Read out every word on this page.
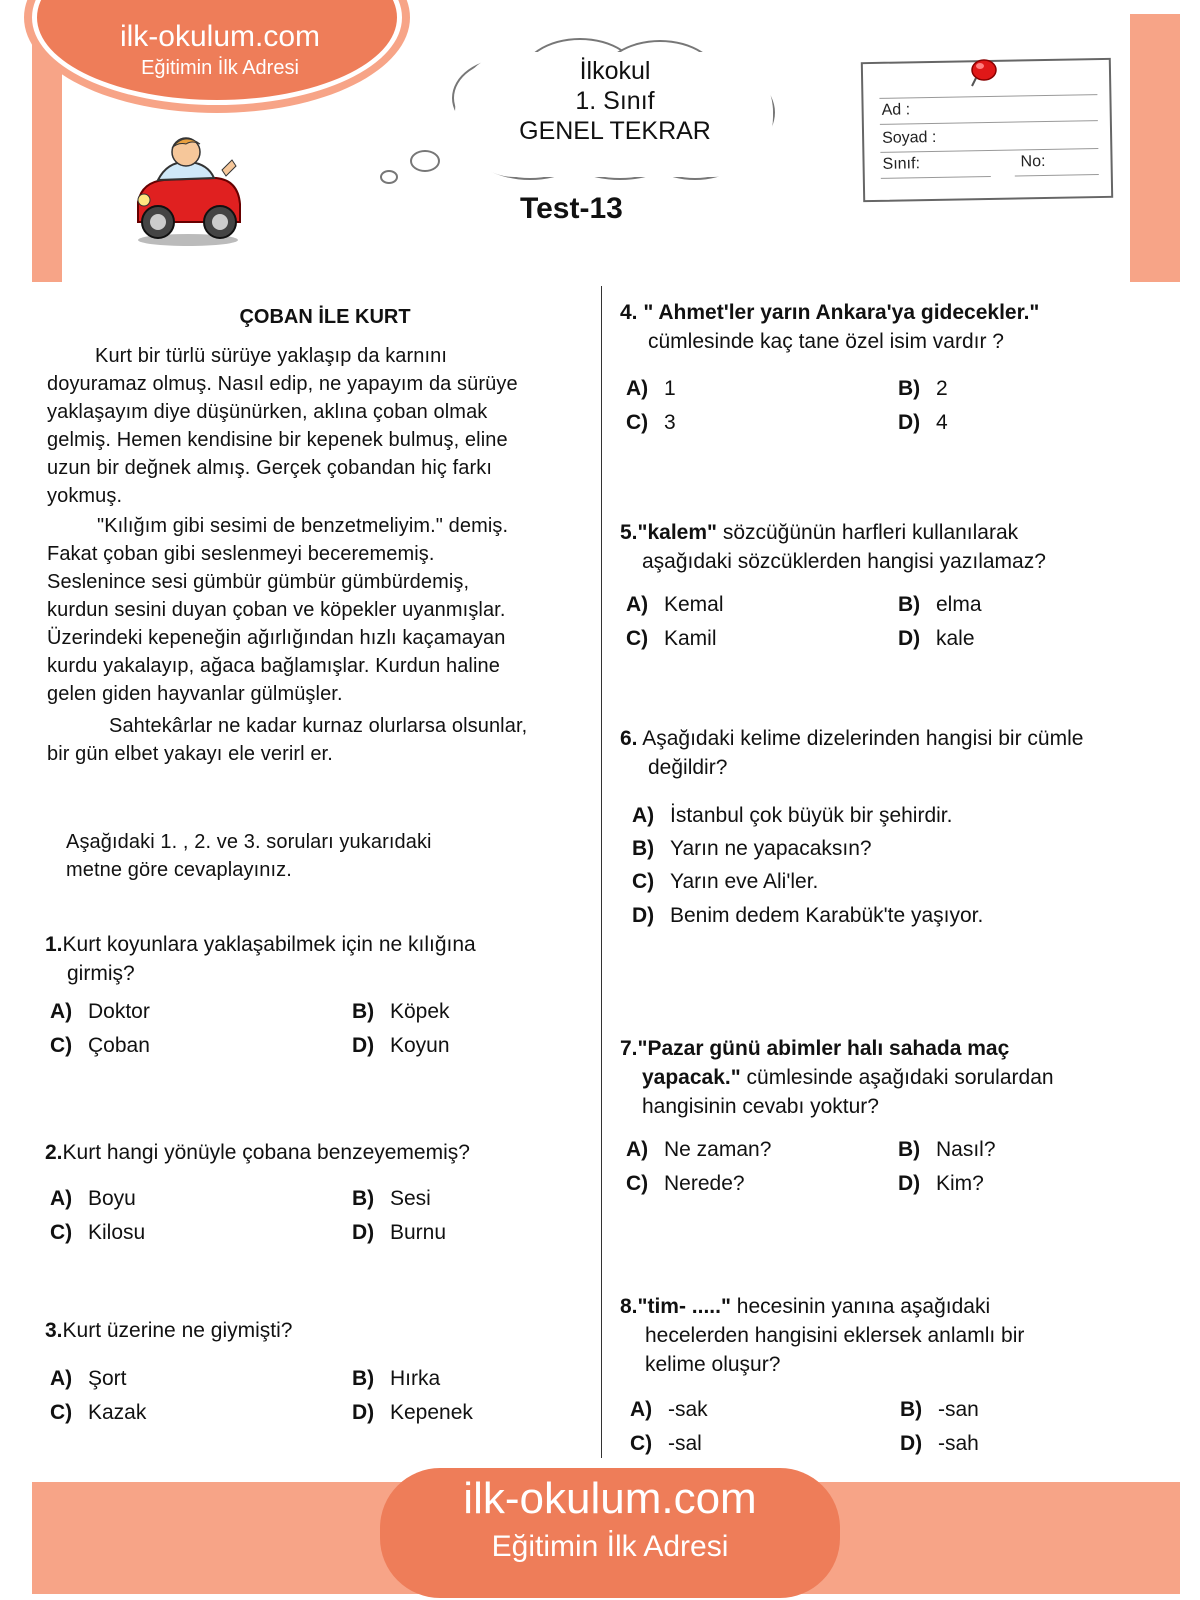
ilk-okulum.com
Eğitimin İlk Adresi	İlkokul
1. Sınıf
GENEL TEKRAR
Test-13
Ad :
Soyad :
Sınıf:	No:
ÇOBAN İLE KURT
Kurt bir türlü sürüye yaklaşıp da karnını
doyuramaz olmuş. Nasıl edip, ne yapayım da sürüye
yaklaşayım diye düşünürken, aklına çoban olmak
gelmiş. Hemen kendisine bir kepenek bulmuş, eline
uzun bir değnek almış. Gerçek çobandan hiç farkı
yokmuş.
"Kılığım gibi sesimi de benzetmeliyim." demiş.
Fakat çoban gibi seslenmeyi becerememiş.
Seslenince sesi gümbür gümbür gümbürdemiş,
kurdun sesini duyan çoban ve köpekler uyanmışlar.
Üzerindeki kepeneğin ağırlığından hızlı kaçamayan
kurdu yakalayıp, ağaca bağlamışlar. Kurdun haline
gelen giden hayvanlar gülmüşler.
Sahtekârlar ne kadar kurnaz olurlarsa olsunlar,
bir gün elbet yakayı ele verirl er.
Aşağıdaki 1. , 2. ve 3. soruları yukarıdaki
metne göre cevaplayınız.
1.Kurt koyunlara yaklaşabilmek için ne kılığına
girmiş?
A) Doktor	B) Köpek
C) Çoban	D) Koyun
2.Kurt hangi yönüyle çobana benzeyememiş?
A) Boyu	B) Sesi
C) Kilosu	D) Burnu
3.Kurt üzerine ne giymişti?
A) Şort	B) Hırka
C) Kazak	D) Kepenek
4. " Ahmet'ler yarın Ankara'ya gidecekler."
cümlesinde kaç tane özel isim vardır ?
A) 1	B) 2
C) 3	D) 4
5."kalem" sözcüğünün harfleri kullanılarak
aşağıdaki sözcüklerden hangisi yazılamaz?
A) Kemal	B) elma
C) Kamil	D) kale
6. Aşağıdaki kelime dizelerinden hangisi bir cümle
değildir?
A) İstanbul çok büyük bir şehirdir.
B) Yarın ne yapacaksın?
C) Yarın eve Ali'ler.
D) Benim dedem Karabük'te yaşıyor.
7."Pazar günü abimler halı sahada maç
yapacak." cümlesinde aşağıdaki sorulardan
hangisinin cevabı yoktur?
A) Ne zaman?	B) Nasıl?
C) Nerede?	D) Kim?
8."tim- ....." hecesinin yanına aşağıdaki
hecelerden hangisini eklersek anlamlı bir
kelime oluşur?
A) -sak	B) -san
C) -sal	D) -sah
ilk-okulum.com
Eğitimin İlk Adresi
